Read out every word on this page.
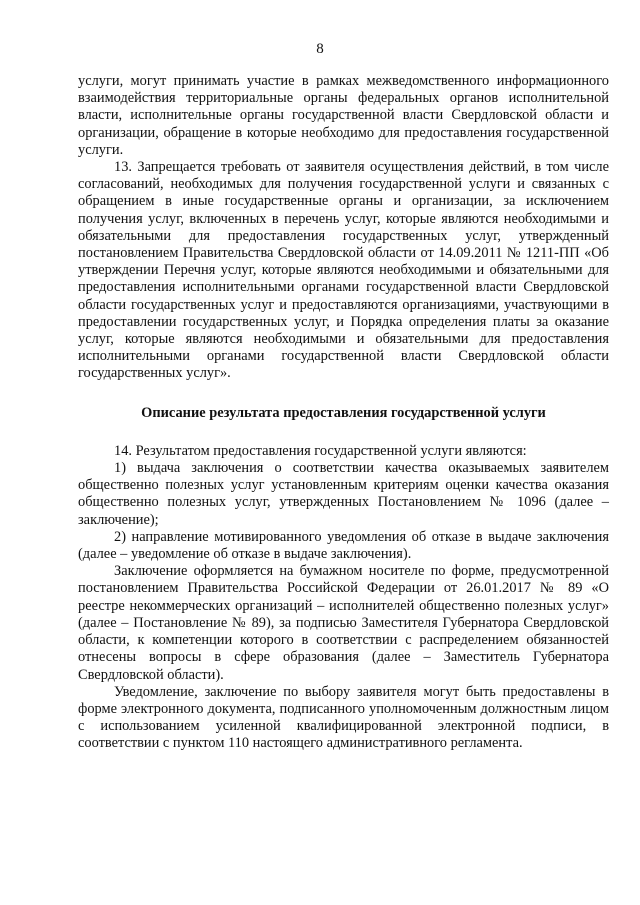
8

услуги, могут принимать участие в рамках межведомственного информационного взаимодействия территориальные органы федеральных органов исполнительной власти, исполнительные органы государственной власти Свердловской области и организации, обращение в которые необходимо для предоставления государственной услуги.

13. Запрещается требовать от заявителя осуществления действий, в том числе согласований, необходимых для получения государственной услуги и связанных с обращением в иные государственные органы и организации, за исключением получения услуг, включенных в перечень услуг, которые являются необходимыми и обязательными для предоставления государственных услуг, утвержденный постановлением Правительства Свердловской области от 14.09.2011 № 1211-ПП «Об утверждении Перечня услуг, которые являются необходимыми и обязательными для предоставления исполнительными органами государственной власти Свердловской области государственных услуг и предоставляются организациями, участвующими в предоставлении государственных услуг, и Порядка определения платы за оказание услуг, которые являются необходимыми и обязательными для предоставления исполнительными органами государственной власти Свердловской области государственных услуг».

Описание результата предоставления государственной услуги

14. Результатом предоставления государственной услуги являются:

1) выдача заключения о соответствии качества оказываемых заявителем общественно полезных услуг установленным критериям оценки качества оказания общественно полезных услуг, утвержденных Постановлением № 1096 (далее – заключение);

2) направление мотивированного уведомления об отказе в выдаче заключения (далее – уведомление об отказе в выдаче заключения).

Заключение оформляется на бумажном носителе по форме, предусмотренной постановлением Правительства Российской Федерации от 26.01.2017 № 89 «О реестре некоммерческих организаций – исполнителей общественно полезных услуг» (далее – Постановление № 89), за подписью Заместителя Губернатора Свердловской области, к компетенции которого в соответствии с распределением обязанностей отнесены вопросы в сфере образования (далее – Заместитель Губернатора Свердловской области).

Уведомление, заключение по выбору заявителя могут быть предоставлены в форме электронного документа, подписанного уполномоченным должностным лицом с использованием усиленной квалифицированной электронной подписи, в соответствии с пунктом 110 настоящего административного регламента.
